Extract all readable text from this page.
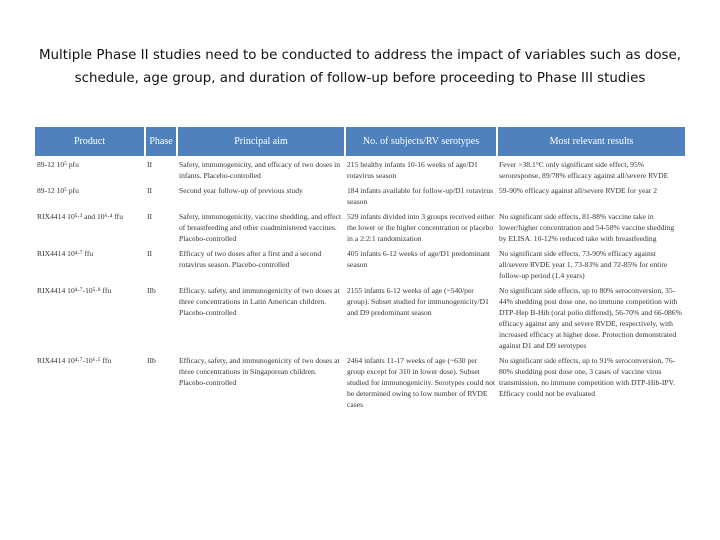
Multiple Phase II studies need to be conducted to address the impact of variables such as dose,
schedule, age group, and duration of follow-up before proceeding to Phase III studies
Product	Phase	Principal aim	No. of subjects/RV serotypes	Most relevant results
89-12 10⁵ pfu	II	Safety, immunogenicity, and efficacy of two doses in infants. Placebo-controlled	215 healthy infants 10-16 weeks of age/D1 rotavirus season	Fever >38.1°C only significant side effect, 95% seroresponse, 89/78% efficacy against all/severe RVDE
89-12 10⁵ pfu	II	Second year follow-up of previous study	184 infants available for follow-up/D1 rotavirus season	59-90% efficacy against all/severe RVDE for year 2
RIX4414 10⁵·³ and 10⁶·⁴ ffu	II	Safety, immunogenicity, vaccine shedding, and effect of breastfeeding and other coadministered vaccines. Placebo-controlled	529 infants divided into 3 groups received either the lower or the higher concentration or placebo in a 2:2:1 randomization	No significant side effects, 81-88% vaccine take in lower/higher concentration and 54-58% vaccine shedding by ELISA. 10-12% reduced take with breastfeeding
RIX4414 10⁴·⁷ ffu	II	Efficacy of two doses after a first and a second rotavirus season. Placebo-controlled	405 infants 6-12 weeks of age/D1 predominant season	No significant side effects, 73-90% efficacy against all/severe RVDE year 1, 73-83% and 72-85% for entire follow-up period (1.4 years)
RIX4414 10⁴·⁷-10⁵·⁸ ffu	IIb	Efficacy, safety, and immunogenicity of two doses at three concentrations in Latin American children. Placebo-controlled	2155 infants 6-12 weeks of age (~540/per group). Subset studied for immunogenicity/D1 and D9 predominant season	No significant side effects, up to 80% seroconversion, 35-44% shedding post dose one, no immune competition with DTP-Hep B-Hib (oral polio differed), 56-70% and 66-086% efficacy against any and severe RVDE, respectively, with increased efficacy at higher dose. Protection demonstrated against D1 and D9 serotypes
RIX4414 10⁴·⁷-10⁶·⁵ ffu	IIb	Efficacy, safety, and immunogenicity of two doses at three concentrations in Singaporean children. Placebo-controlled	2464 infants 11-17 weeks of age (~630 per group except for 310 in lower dose). Subset studied for immunogenicity. Serotypes could not be determined owing to low number of RVDE cases	No significant side effects, up to 91% seroconversion, 76-80% shedding post dose one, 3 cases of vaccine virus transmission, no immune competition with DTP-Hib-IPV. Efficacy could not be evaluated
